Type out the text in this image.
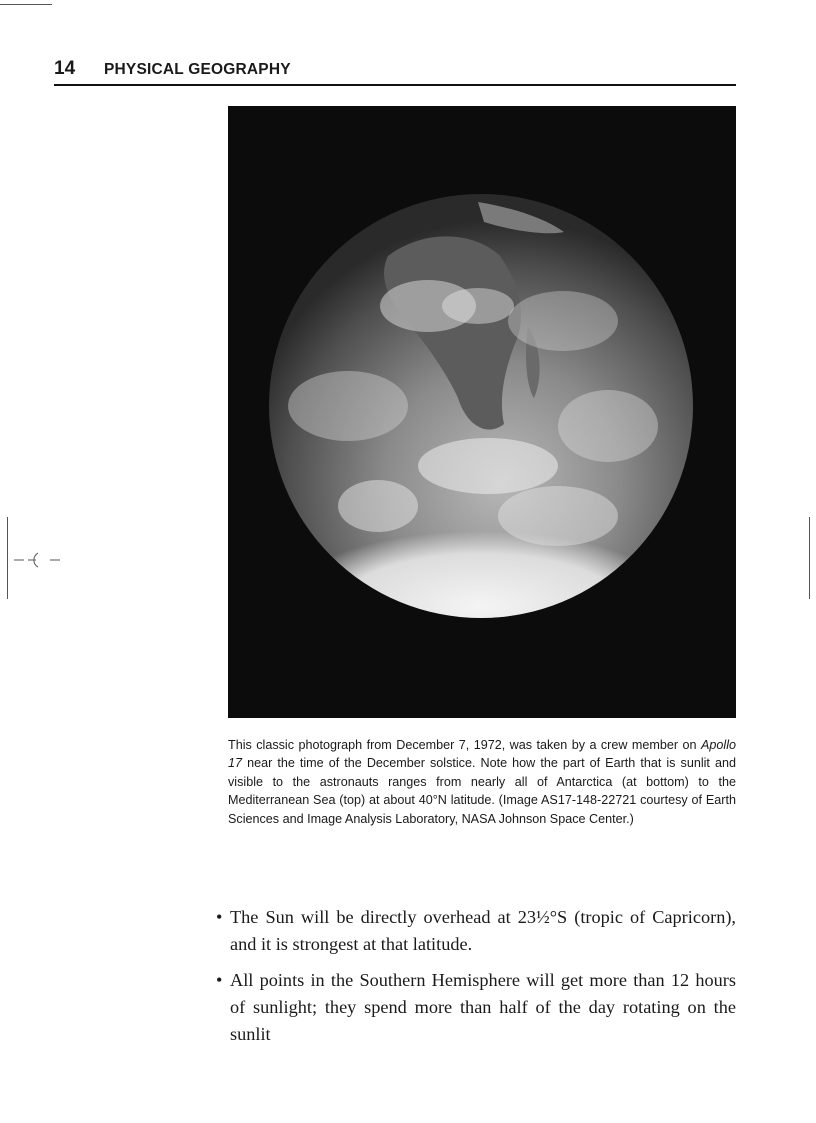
14 PHYSICAL GEOGRAPHY
This classic photograph from December 7, 1972, was taken by a crew member on Apollo 17 near the time of the December solstice. Note how the part of Earth that is sunlit and visible to the astronauts ranges from nearly all of Antarctica (at bottom) to the Mediterranean Sea (top) at about 40°N latitude. (Image AS17-148-22721 courtesy of Earth Sciences and Image Analysis Laboratory, NASA Johnson Space Center.)
• The Sun will be directly overhead at 23½°S (tropic of Capricorn), and it is strongest at that latitude.
• All points in the Southern Hemisphere will get more than 12 hours of sunlight; they spend more than half of the day rotating on the sunlit
